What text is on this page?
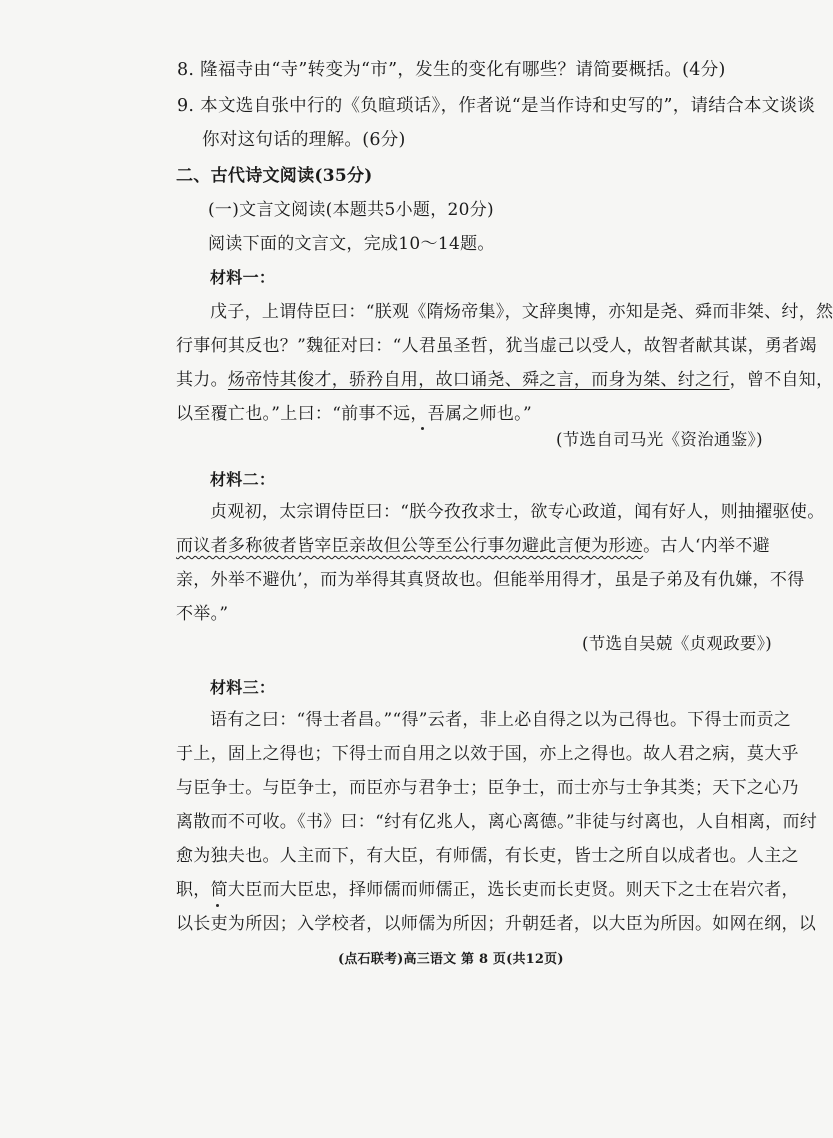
8. 隆福寺由“寺”转变为“市”，发生的变化有哪些？请简要概括。(4分)
9. 本文选自张中行的《负暄琐话》，作者说“是当作诗和史写的”，请结合本文谈谈
你对这句话的理解。(6分)
二、古代诗文阅读(35分)
(一)文言文阅读(本题共5小题，20分)
阅读下面的文言文，完成10～14题。
材料一：
戊子，上谓侍臣曰：“朕观《隋炀帝集》，文辞奥博，亦知是尧、舜而非桀、纣，然
行事何其反也？”魏征对曰：“人君虽圣哲，犹当虚己以受人，故智者献其谋，勇者竭
其力。炀帝恃其俊才，骄矜自用，故口诵尧、舜之言，而身为桀、纣之行，曾不自知，
以至覆亡也。”上曰：“前事不远，吾属之师也。”
(节选自司马光《资治通鉴》)
材料二：
贞观初，太宗谓侍臣曰：“朕今孜孜求士，欲专心政道，闻有好人，则抽擢驱使。
而议者多称彼者皆宰臣亲故但公等至公行事勿避此言便为形迹。古人‘内举不避
亲，外举不避仇’，而为举得其真贤故也。但能举用得才，虽是子弟及有仇嫌，不得
不举。”
(节选自吴兢《贞观政要》)
材料三：
语有之曰：“得士者昌。”“得”云者，非上必自得之以为己得也。下得士而贡之
于上，固上之得也；下得士而自用之以效于国，亦上之得也。故人君之病，莫大乎
与臣争士。与臣争士，而臣亦与君争士；臣争士，而士亦与士争其类；天下之心乃
离散而不可收。《书》曰：“纣有亿兆人，离心离德。”非徒与纣离也，人自相离，而纣
愈为独夫也。人主而下，有大臣，有师儒，有长吏，皆士之所自以成者也。人主之
职，简大臣而大臣忠，择师儒而师儒正，选长吏而长吏贤。则天下之士在岩穴者，
以长吏为所因；入学校者，以师儒为所因；升朝廷者，以大臣为所因。如网在纲，以
(点石联考)高三语文 第 8 页(共12页)
